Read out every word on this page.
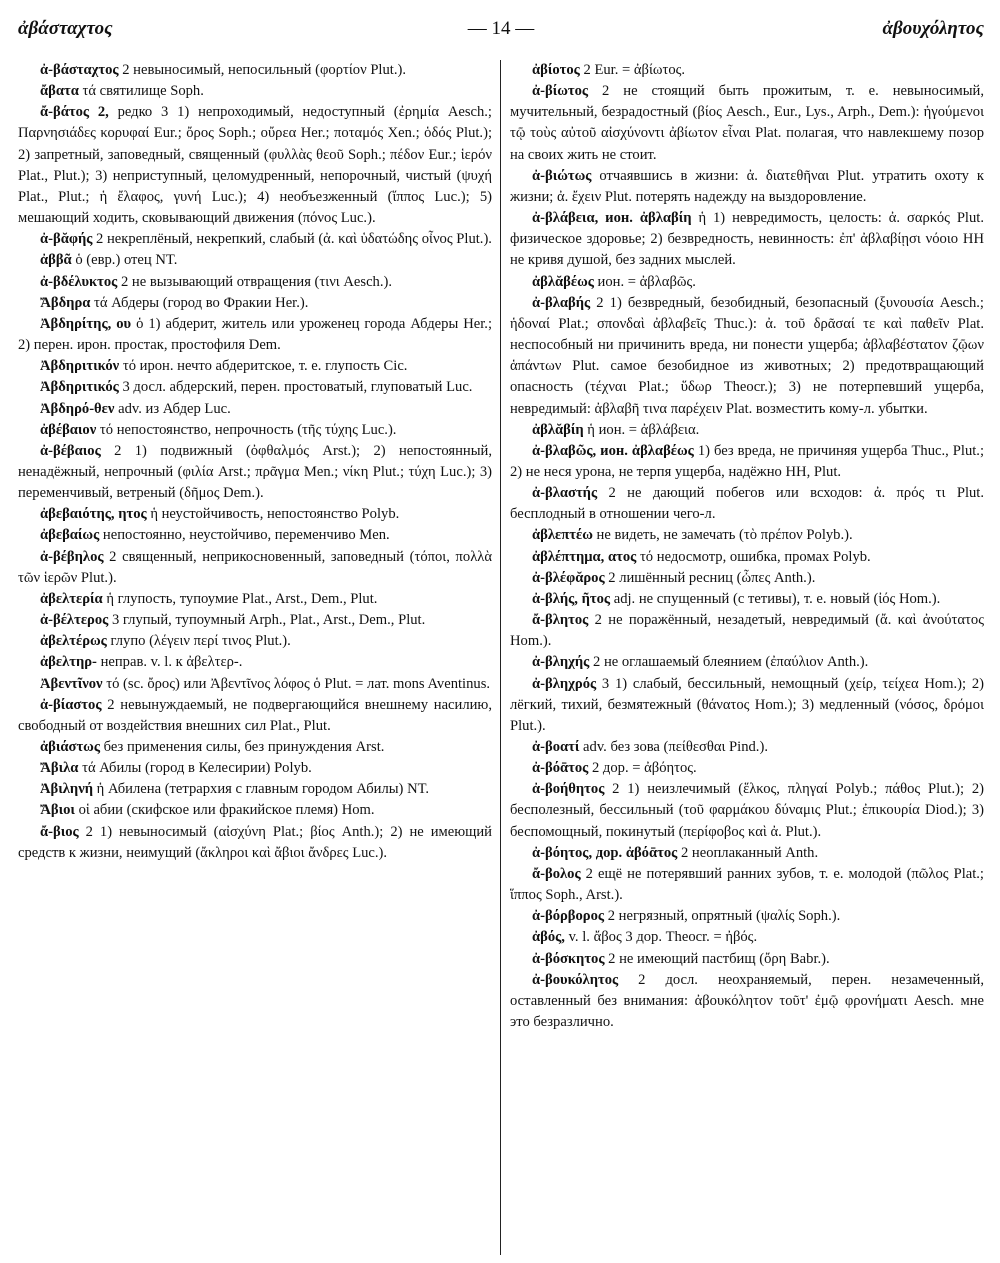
ἀβάσταχτος	— 14 —	ἀβουχόλητος
ἀ-βάσταχτος 2 невыносимый, непосильный (φορτίον Plut.).
ἄβατα τά святилище Soph.
ἄ-βάτος 2, редко 3 1) непроходимый, недоступный (ἐρημία Aesch.; Παρνησιάδες κορυφαί Eur.; ὄρος Soph.; οὔρεα Her.; ποταμός Xen.; ὁδός Plut.); 2) запретный, заповедный, священный (φυλλὰς θεοῦ Soph.; πέδον Eur.; ἱερόν Plat., Plut.); 3) неприступный, целомудренный, непорочный, чистый (ψυχή Plat., Plut.; ἡ ἔλαφος, γυνή Luc.); 4) необъезженный (ἵππος Luc.); 5) мешающий ходить, сковывающий движения (πόνος Luc.).
ἀ-βᾰφής 2 некреплёный, некрепкий, слабый (ἀ. καὶ ὑδατώδης οἶνος Plut.).
ἀββᾶ ὁ (евр.) отец NT.
ἀ-βδέλυκτος 2 не вызывающий отвращения (τινι Aesch.).
Ἄβδηρα τά Абдеры (город во Фракии Her.).
Ἀβδηρίτης, ου ὁ 1) абдерит, житель или уроженец города Абдеры Her.; 2) перен. ирон. простак, простофиля Dem.
Ἀβδηριτικόν τό ирон. нечто абдеритское, т. е. глупость Cic.
Ἀβδηριτικός 3 досл. абдерский, перен. простоватый, глуповатый Luc.
Ἀβδηρό-θεν adv. из Абдер Luc.
ἀβέβαιον τό непостоянство, непрочность (τῆς τύχης Luc.).
ἀ-βέβαιος 2 1) подвижный (ὀφθαλμός Arst.); 2) непостоянный, ненадёжный, непрочный (φιλία Arst.; πρᾶγμα Men.; νίκη Plut.; τύχη Luc.); 3) переменчивый, ветреный (δῆμος Dem.).
ἀβεβαιότης, ητος ἡ неустойчивость, непостоянство Polyb.
ἀβεβαίως непостоянно, неустойчиво, переменчиво Men.
ἀ-βέβηλος 2 священный, неприкосновенный, заповедный (τόποι, πολλὰ τῶν ἱερῶν Plut.).
ἀβελτερία ἡ глупость, тупоумие Plat., Arst., Dem., Plut.
ἀ-βέλτερος 3 глупый, тупоумный Arph., Plat., Arst., Dem., Plut.
ἀβελτέρως глупо (λέγειν περί τινος Plut.).
ἀβελτηρ- неправ. v. l. к ἀβελτερ-.
Ἀβεντῖνον τό (sc. ὄρος) или Ἀβεντῖνος λόφος ὁ Plut. = лат. mons Aventinus.
ἀ-βίαστος 2 невынуждаемый, не подвергающийся внешнему насилию, свободный от воздействия внешних сил Plat., Plut.
ἀβιάστως без применения силы, без принуждения Arst.
Ἄβιλα τά Абилы (город в Келесирии) Polyb.
Ἀβιληνή ἡ Абилена (тетрархия с главным городом Абилы) NT.
Ἄβιοι οἱ абии (скифское или фракийское племя) Hom.
ἄ-βιος 2 1) невыносимый (αἰσχύνη Plat.; βίος Anth.); 2) не имеющий средств к жизни, неимущий (ἄκληροι καὶ ἄβιοι ἄνδρες Luc.).
ἀβίοτος 2 Eur. = ἀβίωτος.
ἀ-βίωτος 2 не стоящий быть прожитым, т. е. невыносимый, мучительный, безрадостный (βίος Aesch., Eur., Lys., Arph., Dem.): ἡγούμενοι τῷ τοὺς αὐτοῦ αἰσχύνοντι ἀβίωτον εἶναι Plat. полагая, что навлекшему позор на своих жить не стоит.
ἀ-βιώτως отчаявшись в жизни: ἀ. διατεθῆναι Plut. утратить охоту к жизни; ἀ. ἔχειν Plut. потерять надежду на выздоровление.
ἀ-βλάβεια, ион. ἀβλαβίη ἡ 1) невредимость, целость: ἀ. σαρκός Plut. физическое здоровье; 2) безвредность, невинность: ἐπ' ἀβλαβίῃσι νόοιο HH не кривя душой, без задних мыслей.
ἀβλᾰβέως ион. = ἀβλαβῶς.
ἀ-βλαβής 2 1) безвредный, безобидный, безопасный (ξυνουσία Aesch.; ἡδοναί Plat.; σπονδαὶ ἀβλαβεῖς Thuc.): ἀ. τοῦ δρᾶσαί τε καὶ παθεῖν Plat. неспособный ни причинить вреда, ни понести ущерба; ἀβλαβέστατον ζῷων ἁπάντων Plut. самое безобидное из животных; 2) предотвращающий опасность (τέχναι Plat.; ὕδωρ Theocr.); 3) не потерпевший ущерба, невредимый: ἀβλαβῆ τινα παρέχειν Plat. возместить кому-л. убытки.
ἀβλᾰβίη ἡ ион. = ἀβλάβεια.
ἀ-βλαβῶς, ион. ἀβλαβέως 1) без вреда, не причиняя ущерба Thuc., Plut.; 2) не неся урона, не терпя ущерба, надёжно HH, Plut.
ἀ-βλαστής 2 не дающий побегов или всходов: ἀ. πρός τι Plut. бесплодный в отношении чего-л.
ἀβλεπτέω не видеть, не замечать (τὸ πρέπον Polyb.).
ἀβλέπτημα, ατος τό недосмотр, ошибка, промах Polyb.
ἀ-βλέφᾰρος 2 лишённый ресниц (ὦπες Anth.).
ἀ-βλής, ῆτος adj. не спущенный (с тетивы), т. е. новый (ἰός Hom.).
ἄ-βλητος 2 не поражённый, незадетый, невредимый (ἄ. καὶ ἀνούτατος Hom.).
ἀ-βληχής 2 не оглашаемый блеянием (ἐπαύλιον Anth.).
ἀ-βληχρός 3 1) слабый, бессильный, немощный (χείρ, τείχεα Hom.); 2) лёгкий, тихий, безмятежный (θάνατος Hom.); 3) медленный (νόσος, δρόμοι Plut.).
ἀ-βοατί adv. без зова (πείθεσθαι Pind.).
ἀ-βόᾱτος 2 дор. = ἀβόητος.
ἀ-βοήθητος 2 1) неизлечимый (ἕλκος, πληγαί Polyb.; πάθος Plut.); 2) бесполезный, бессильный (τοῦ φαρμάκου δύναμις Plut.; ἐπικουρία Diod.); 3) беспомощный, покинутый (περίφοβος καὶ ἀ. Plut.).
ἀ-βόητος, дор. ἀβόᾱτος 2 неоплаканный Anth.
ἄ-βολος 2 ещё не потерявший ранних зубов, т. е. молодой (πῶλος Plat.; ἵππος Soph., Arst.).
ἀ-βόρβορος 2 негрязный, опрятный (ψαλίς Soph.).
ἀβός, v. l. ἄβος 3 дор. Theocr. = ἠβός.
ἀ-βόσκητος 2 не имеющий пастбищ (ὄρη Babr.).
ἀ-βουκόλητος 2 досл. неохраняемый, перен. незамеченный, оставленный без внимания: ἀβουκόλητον τοῦτ' ἐμῷ φρονήματι Aesch. мне это безразлично.
